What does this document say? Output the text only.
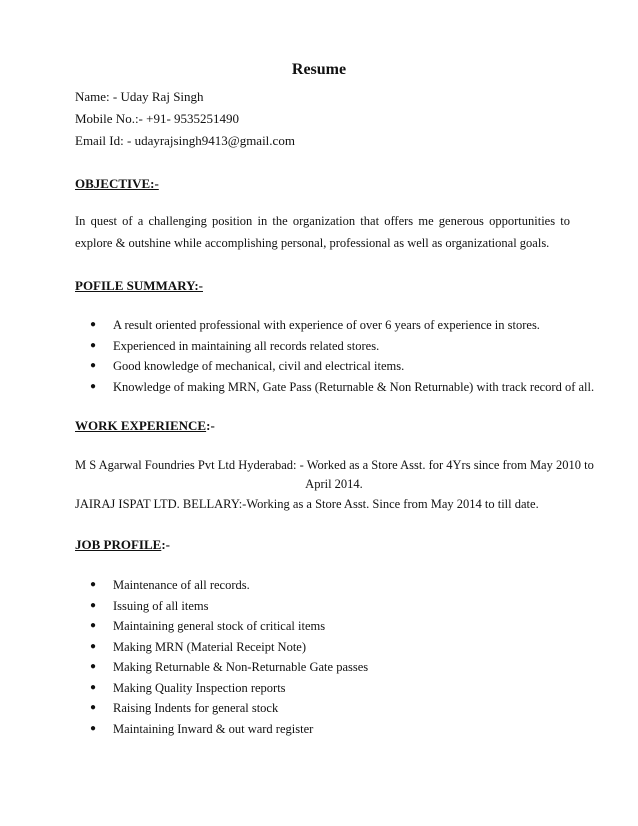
Resume
Name: - Uday Raj Singh
Mobile No.:- +91- 9535251490
Email Id: - udayrajsingh9413@gmail.com
OBJECTIVE:-
In quest of a challenging position in the organization that offers me generous opportunities to explore & outshine while accomplishing personal, professional as well as organizational goals.
POFILE SUMMARY:-
● A result oriented professional with experience of over 6 years of experience in stores.
● Experienced in maintaining all records related stores.
● Good knowledge of mechanical, civil and electrical items.
● Knowledge of making MRN, Gate Pass (Returnable & Non Returnable) with track record of all.
WORK EXPERIENCE:-
M S Agarwal Foundries Pvt Ltd Hyderabad: - Worked as a Store Asst. for 4Yrs since from May 2010 to
April 2014.
JAIRAJ ISPAT LTD. BELLARY:-Working as a Store Asst. Since from May 2014 to till date.
JOB PROFILE:-
● Maintenance of all records.
● Issuing of all items
● Maintaining general stock of critical items
● Making MRN (Material Receipt Note)
● Making Returnable & Non-Returnable Gate passes
● Making Quality Inspection reports
● Raising Indents for general stock
● Maintaining Inward & out ward register
